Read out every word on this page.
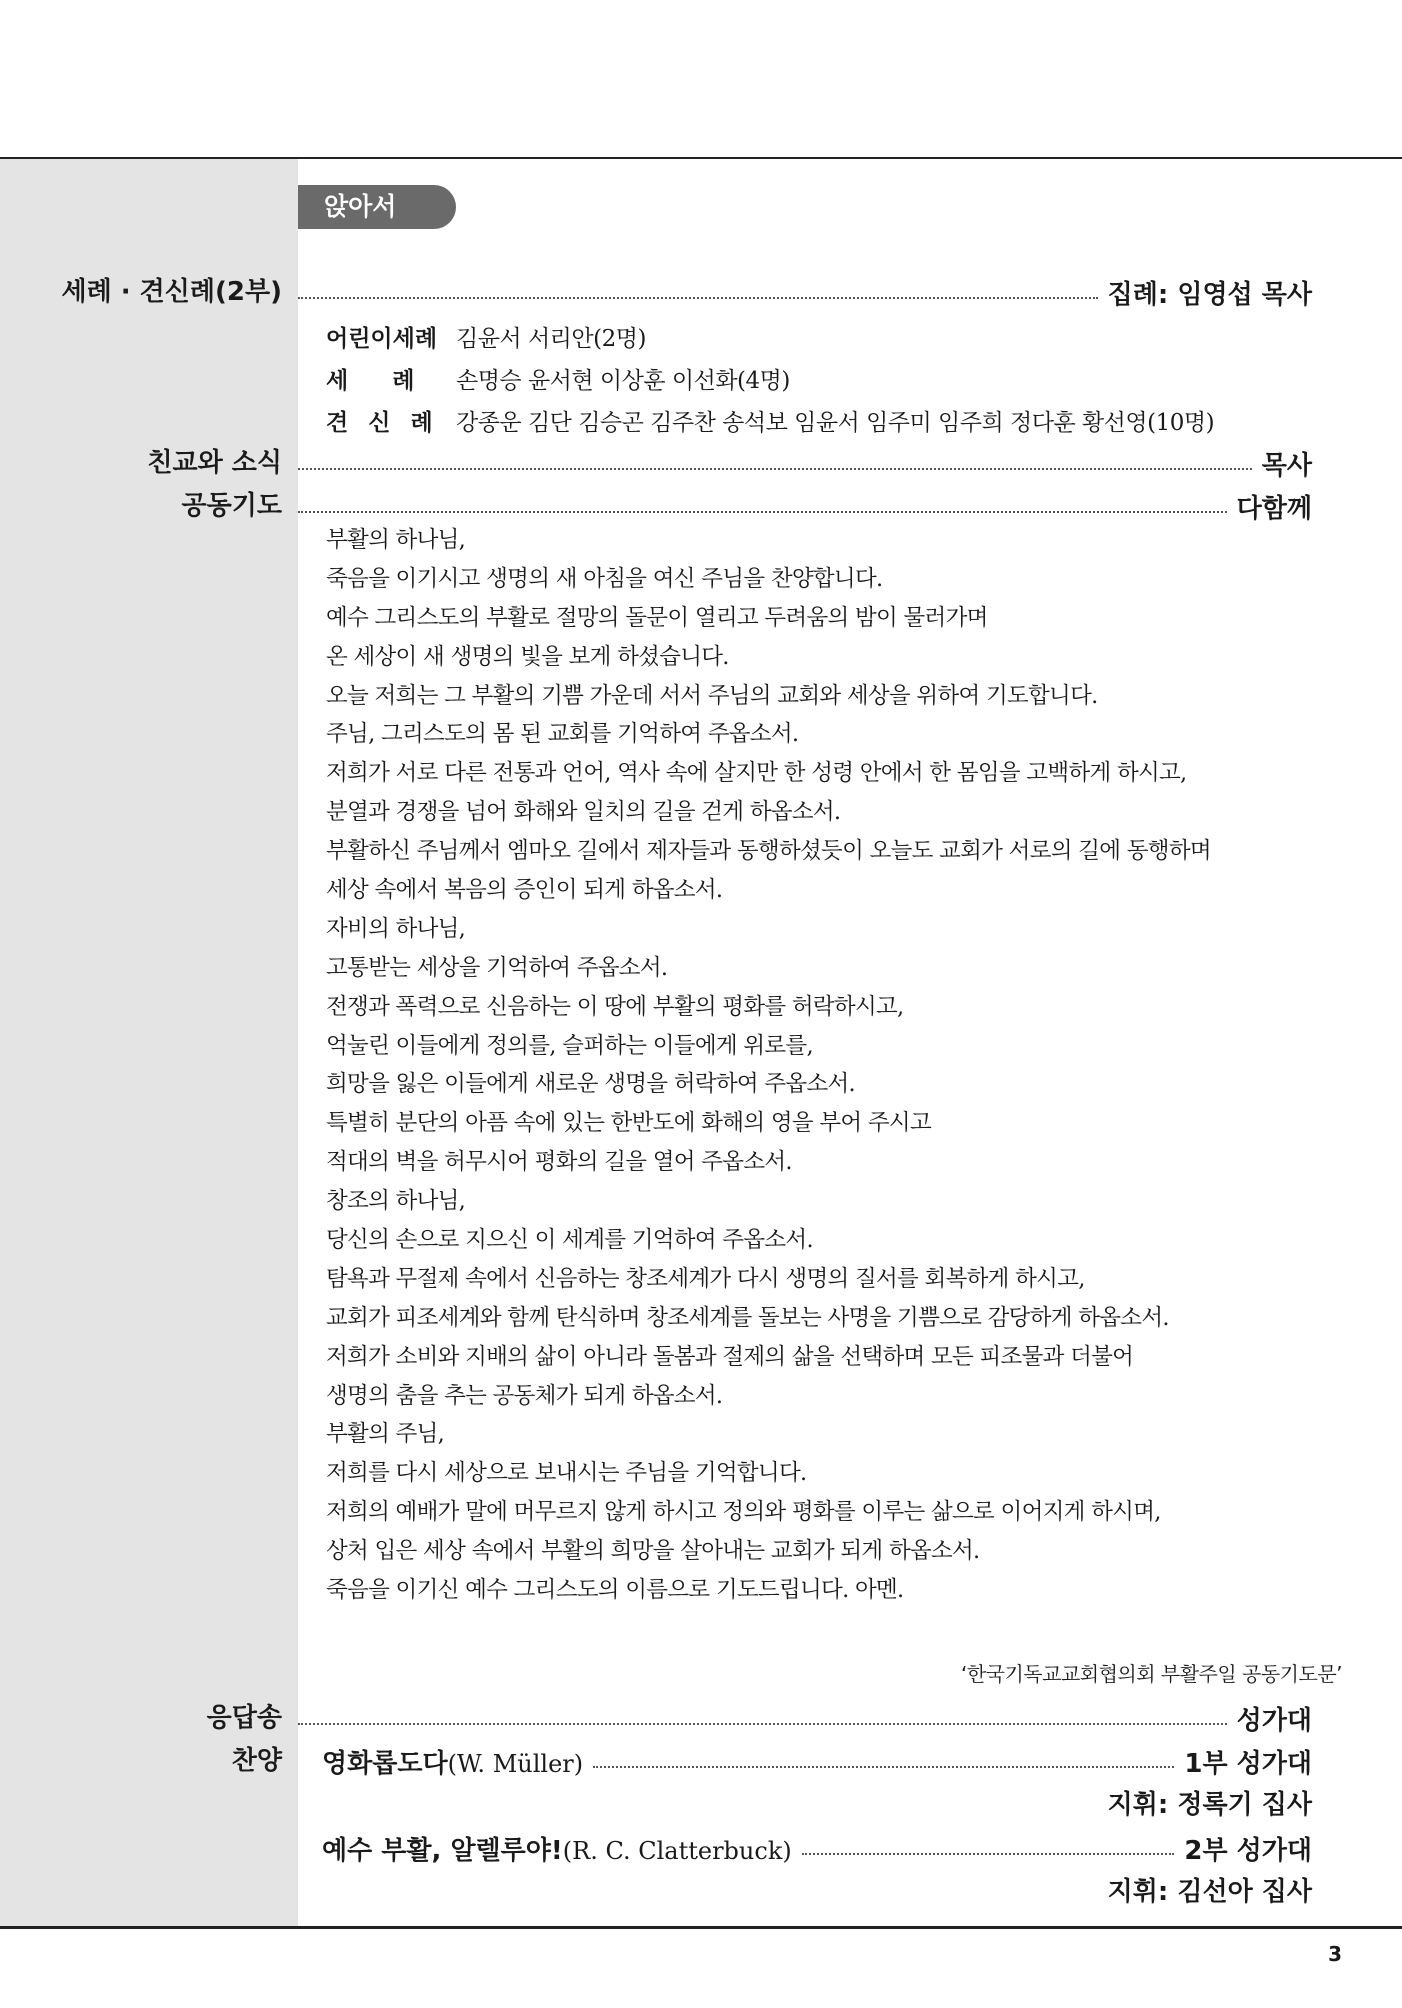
앉아서
세례 · 견신례(2부)	집례: 임영섭 목사
어린이세례 김윤서 서리안(2명)
세 례	손명승 윤서현 이상훈 이선화(4명)
견 신 례 강종운 김단 김승곤 김주찬 송석보 임윤서 임주미 임주희 정다훈 황선영(10명)
친교와 소식	목사
공동기도	다함께
부활의 하나님,
죽음을 이기시고 생명의 새 아침을 여신 주님을 찬양합니다.
예수 그리스도의 부활로 절망의 돌문이 열리고 두려움의 밤이 물러가며
온 세상이 새 생명의 빛을 보게 하셨습니다.
오늘 저희는 그 부활의 기쁨 가운데 서서 주님의 교회와 세상을 위하여 기도합니다.
주님, 그리스도의 몸 된 교회를 기억하여 주옵소서.
저희가 서로 다른 전통과 언어, 역사 속에 살지만 한 성령 안에서 한 몸임을 고백하게 하시고,
분열과 경쟁을 넘어 화해와 일치의 길을 걷게 하옵소서.
부활하신 주님께서 엠마오 길에서 제자들과 동행하셨듯이 오늘도 교회가 서로의 길에 동행하며
세상 속에서 복음의 증인이 되게 하옵소서.
자비의 하나님,
고통받는 세상을 기억하여 주옵소서.
전쟁과 폭력으로 신음하는 이 땅에 부활의 평화를 허락하시고,
억눌린 이들에게 정의를, 슬퍼하는 이들에게 위로를,
희망을 잃은 이들에게 새로운 생명을 허락하여 주옵소서.
특별히 분단의 아픔 속에 있는 한반도에 화해의 영을 부어 주시고
적대의 벽을 허무시어 평화의 길을 열어 주옵소서.
창조의 하나님,
당신의 손으로 지으신 이 세계를 기억하여 주옵소서.
탐욕과 무절제 속에서 신음하는 창조세계가 다시 생명의 질서를 회복하게 하시고,
교회가 피조세계와 함께 탄식하며 창조세계를 돌보는 사명을 기쁨으로 감당하게 하옵소서.
저희가 소비와 지배의 삶이 아니라 돌봄과 절제의 삶을 선택하며 모든 피조물과 더불어
생명의 춤을 추는 공동체가 되게 하옵소서.
부활의 주님,
저희를 다시 세상으로 보내시는 주님을 기억합니다.
저희의 예배가 말에 머무르지 않게 하시고 정의와 평화를 이루는 삶으로 이어지게 하시며,
상처 입은 세상 속에서 부활의 희망을 살아내는 교회가 되게 하옵소서.
죽음을 이기신 예수 그리스도의 이름으로 기도드립니다. 아멘.
‘한국기독교교회협의회 부활주일 공동기도문’
응답송	성가대
찬양 영화롭도다(W. Müller)	1부 성가대
지휘: 정록기 집사
예수 부활, 알렐루야!(R. C. Clatterbuck)	2부 성가대
지휘: 김선아 집사
3
